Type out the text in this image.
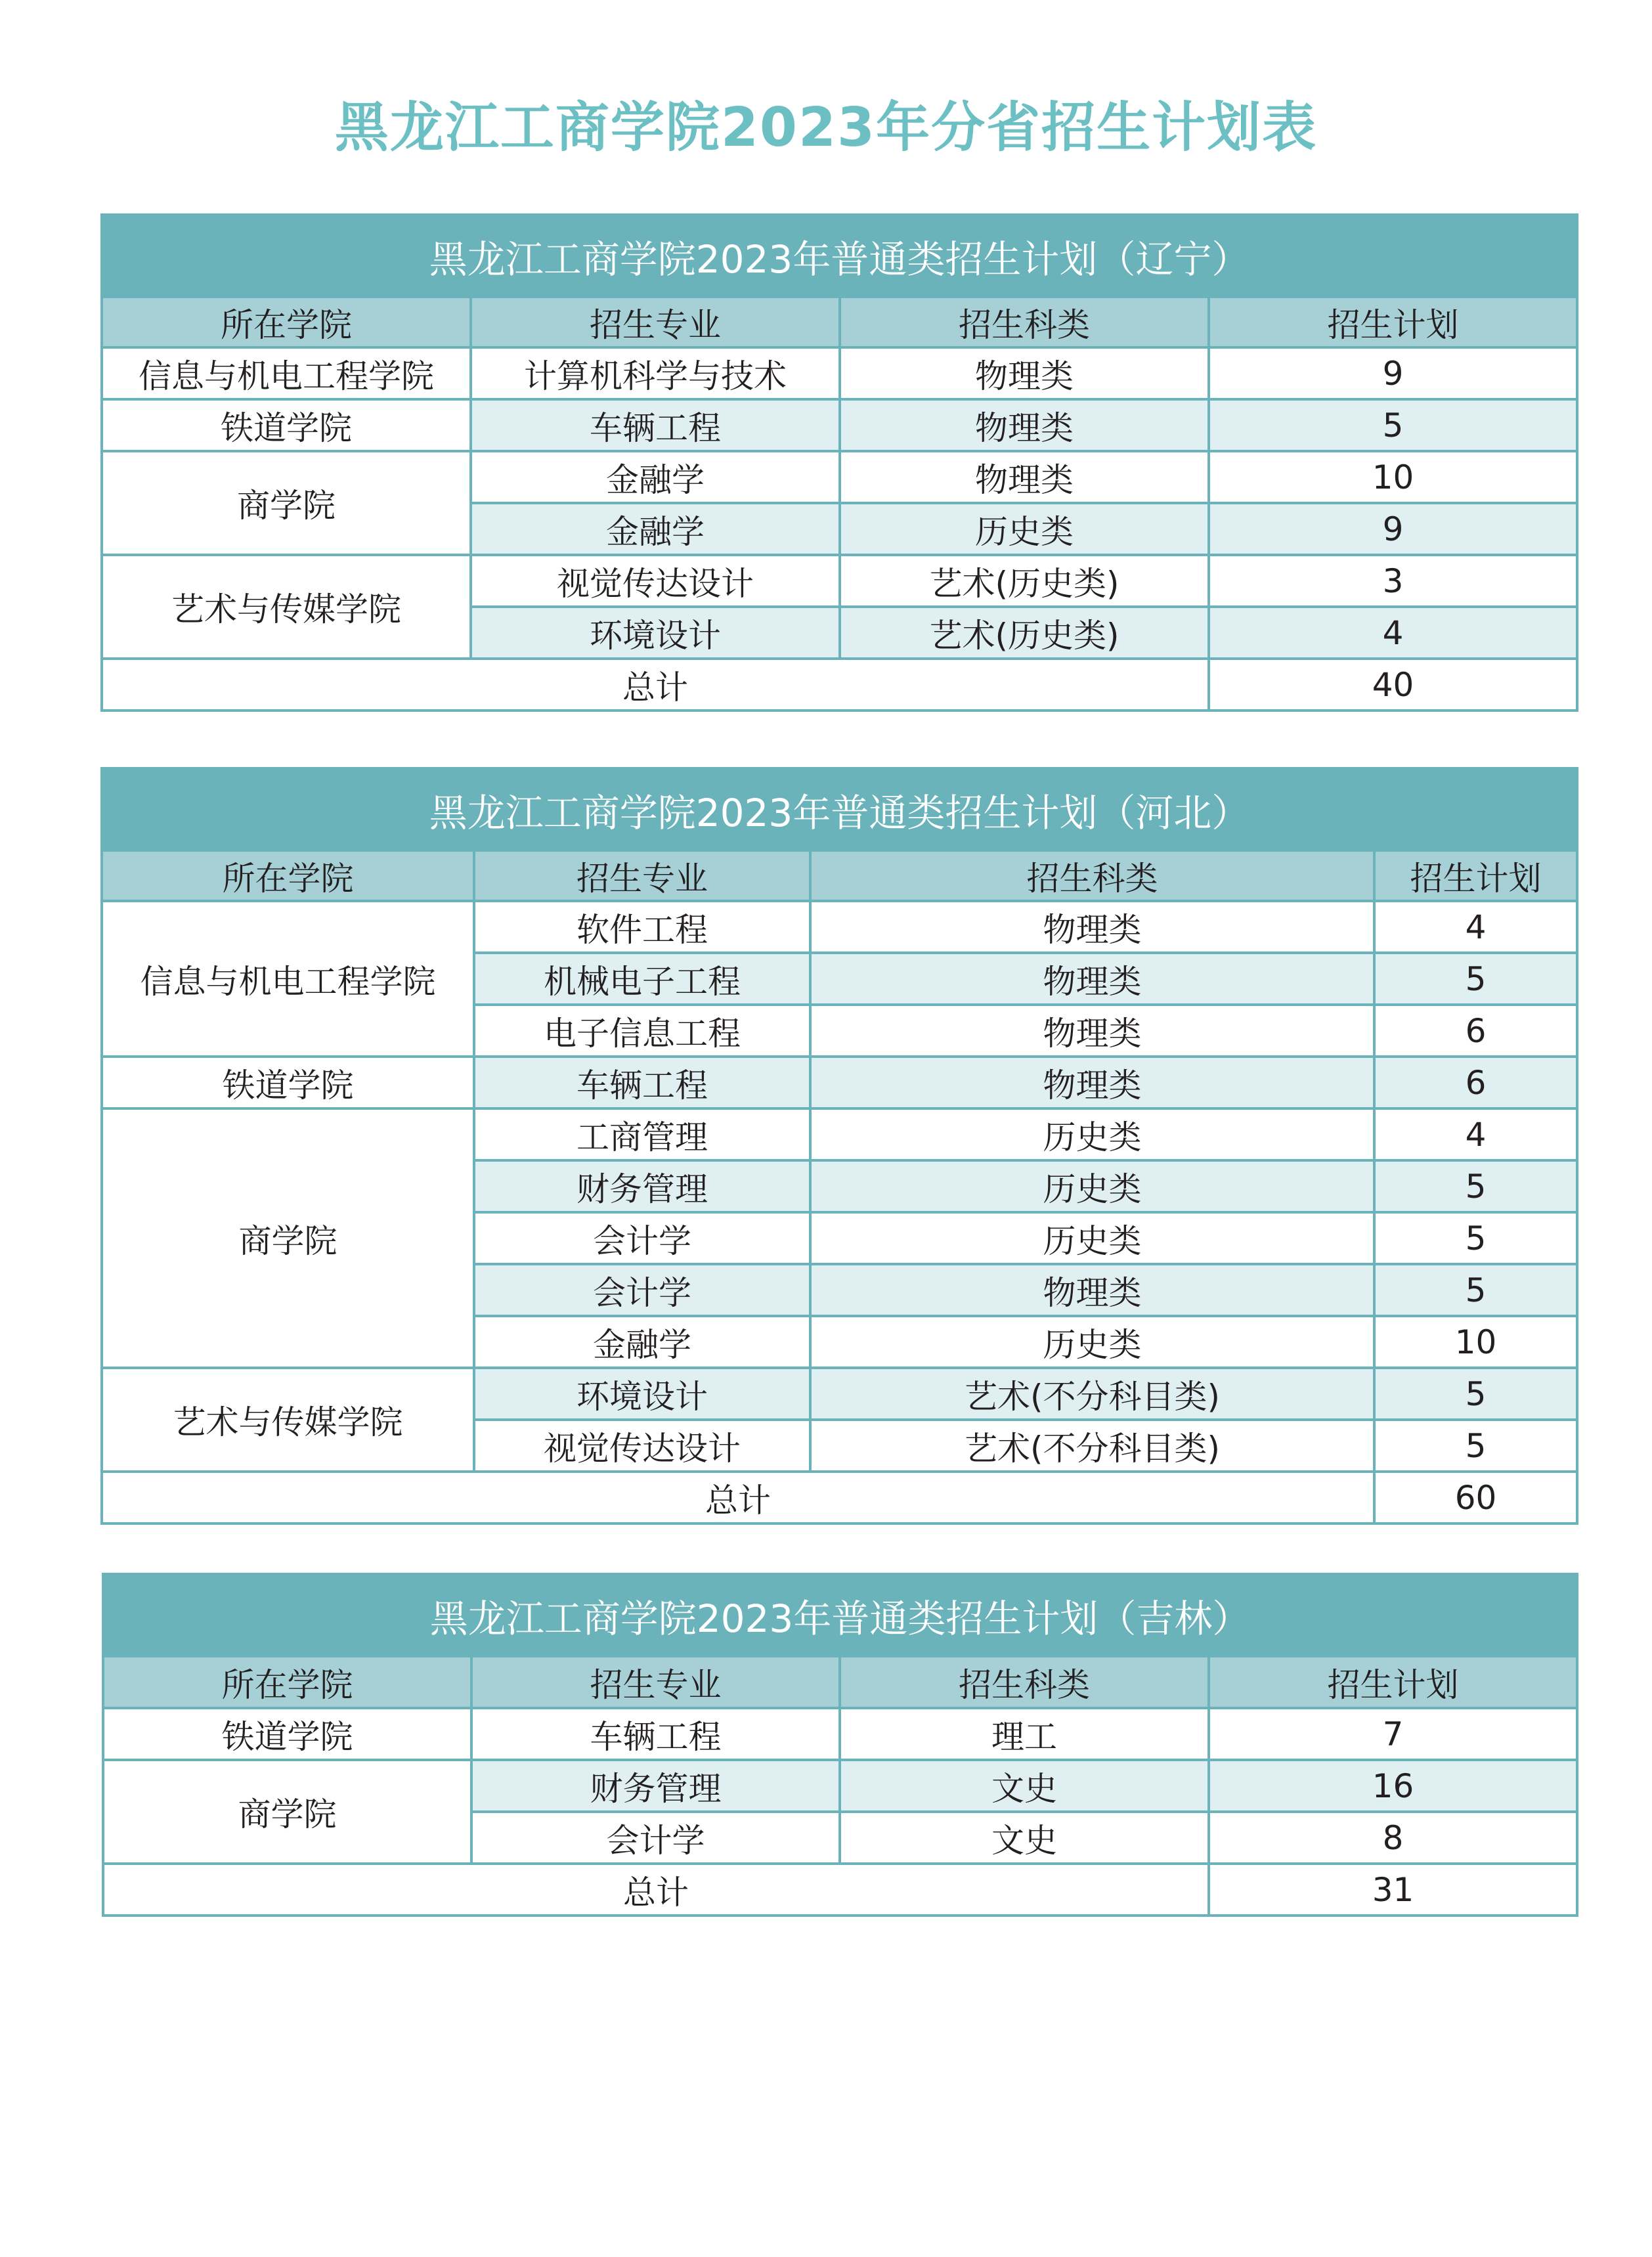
黑龙江工商学院2023年分省招生计划表
黑龙江工商学院2023年普通类招生计划（辽宁）			
所在学院	招生专业	招生科类	招生计划
信息与机电工程学院	计算机科学与技术	物理类	9
铁道学院	车辆工程	物理类	5
商学院	金融学	物理类	10
	金融学	历史类	9
艺术与传媒学院	视觉传达设计	艺术(历史类)	3
	环境设计	艺术(历史类)	4
总计			40
黑龙江工商学院2023年普通类招生计划（河北）			
所在学院	招生专业	招生科类	招生计划
信息与机电工程学院	软件工程	物理类	4
	机械电子工程	物理类	5
	电子信息工程	物理类	6
铁道学院	车辆工程	物理类	6
商学院	工商管理	历史类	4
	财务管理	历史类	5
	会计学	历史类	5
	会计学	物理类	5
	金融学	历史类	10
艺术与传媒学院	环境设计	艺术(不分科目类)	5
	视觉传达设计	艺术(不分科目类)	5
总计			60
黑龙江工商学院2023年普通类招生计划（吉林）			
所在学院	招生专业	招生科类	招生计划
铁道学院	车辆工程	理工	7
商学院	财务管理	文史	16
	会计学	文史	8
总计			31
